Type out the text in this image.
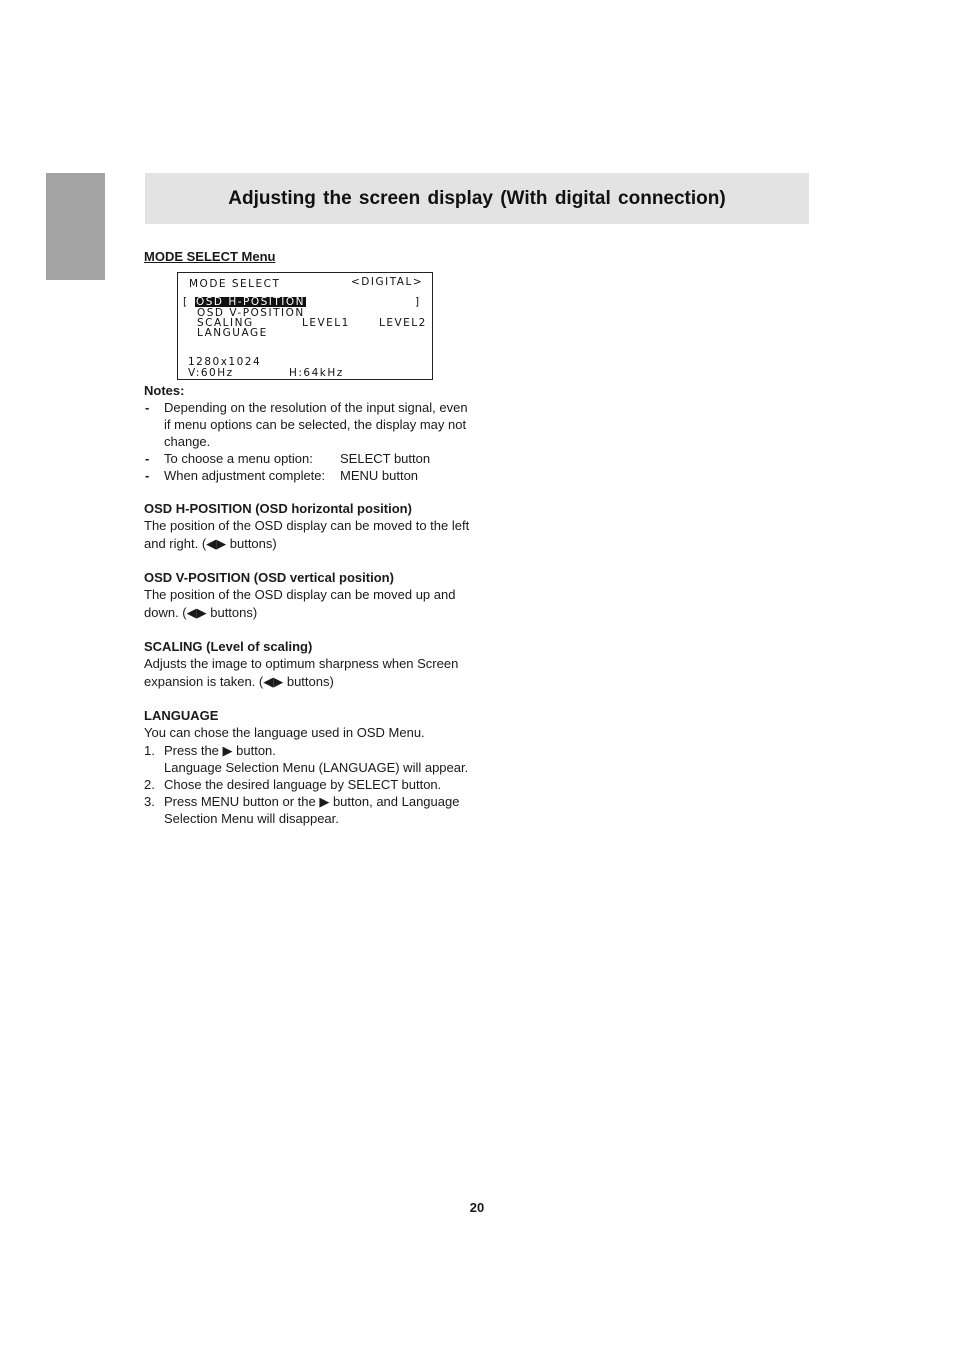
Adjusting the screen display (With digital connection)
MODE SELECT Menu
MODE SELECT	<DIGITAL>
[ OSD H-POSITION	]
OSD V-POSITION
SCALING	LEVEL1	LEVEL2
LANGUAGE
1280x1024
V:60Hz	H:64kHz
Notes:
- Depending on the resolution of the input signal, even if menu options can be selected, the display may not change.
- To choose a menu option:	SELECT button
- When adjustment complete:	MENU button
OSD H-POSITION (OSD horizontal position)

The position of the OSD display can be moved to the left and right. (◀▶ buttons)

OSD V-POSITION (OSD vertical position)

The position of the OSD display can be moved up and down. (◀▶ buttons)

SCALING (Level of scaling)

Adjusts the image to optimum sharpness when Screen expansion is taken. (◀▶ buttons)

LANGUAGE

You can chose the language used in OSD Menu.

1. Press the ▶ button.
Language Selection Menu (LANGUAGE) will appear.
2. Chose the desired language by SELECT button.
3. Press MENU button or the ▶ button, and Language Selection Menu will disappear.
20
